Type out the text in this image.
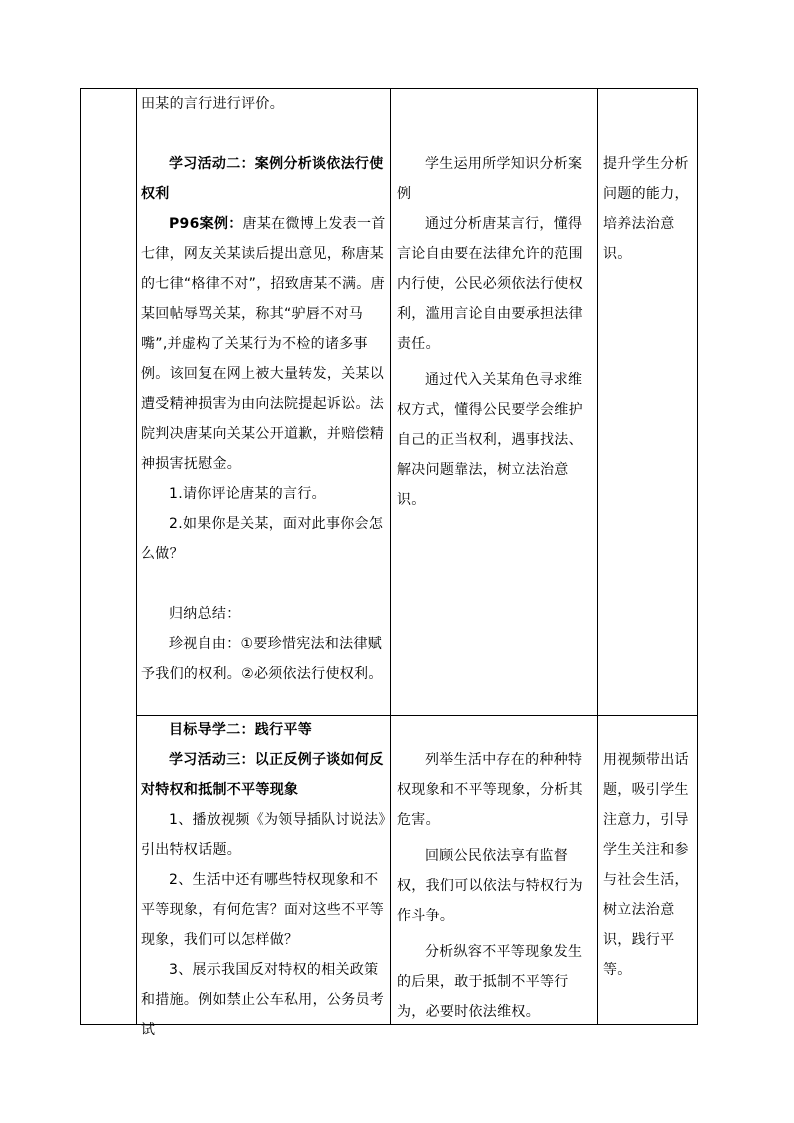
田某的言行进行评价。

学习活动二：案例分析谈依法行使权利

P96案例：唐某在微博上发表一首七律，网友关某读后提出意见，称唐某的七律“格律不对”，招致唐某不满。唐某回帖辱骂关某，称其“驴唇不对马嘴”,并虚构了关某行为不检的诸多事例。该回复在网上被大量转发，关某以遭受精神损害为由向法院提起诉讼。法院判决唐某向关某公开道歉，并赔偿精神损害抚慰金。

1.请你评论唐某的言行。

2.如果你是关某，面对此事你会怎么做？

归纳总结：

珍视自由：①要珍惜宪法和法律赋予我们的权利。②必须依法行使权利。

学生运用所学知识分析案例

通过分析唐某言行，懂得言论自由要在法律允许的范围内行使，公民必须依法行使权利，滥用言论自由要承担法律责任。

通过代入关某角色寻求维权方式，懂得公民要学会维护自己的正当权利，遇事找法、解决问题靠法，树立法治意识。

提升学生分析问题的能力，培养法治意识。

目标导学二：践行平等

学习活动三：以正反例子谈如何反对特权和抵制不平等现象

1、播放视频《为领导插队讨说法》引出特权话题。

2、生活中还有哪些特权现象和不平等现象，有何危害？面对这些不平等现象，我们可以怎样做？

3、展示我国反对特权的相关政策和措施。例如禁止公车私用，公务员考试

列举生活中存在的种种特权现象和不平等现象，分析其危害。

回顾公民依法享有监督权，我们可以依法与特权行为作斗争。

分析纵容不平等现象发生的后果，敢于抵制不平等行为，必要时依法维权。

用视频带出话题，吸引学生注意力，引导学生关注和参与社会生活，树立法治意识，践行平等。
